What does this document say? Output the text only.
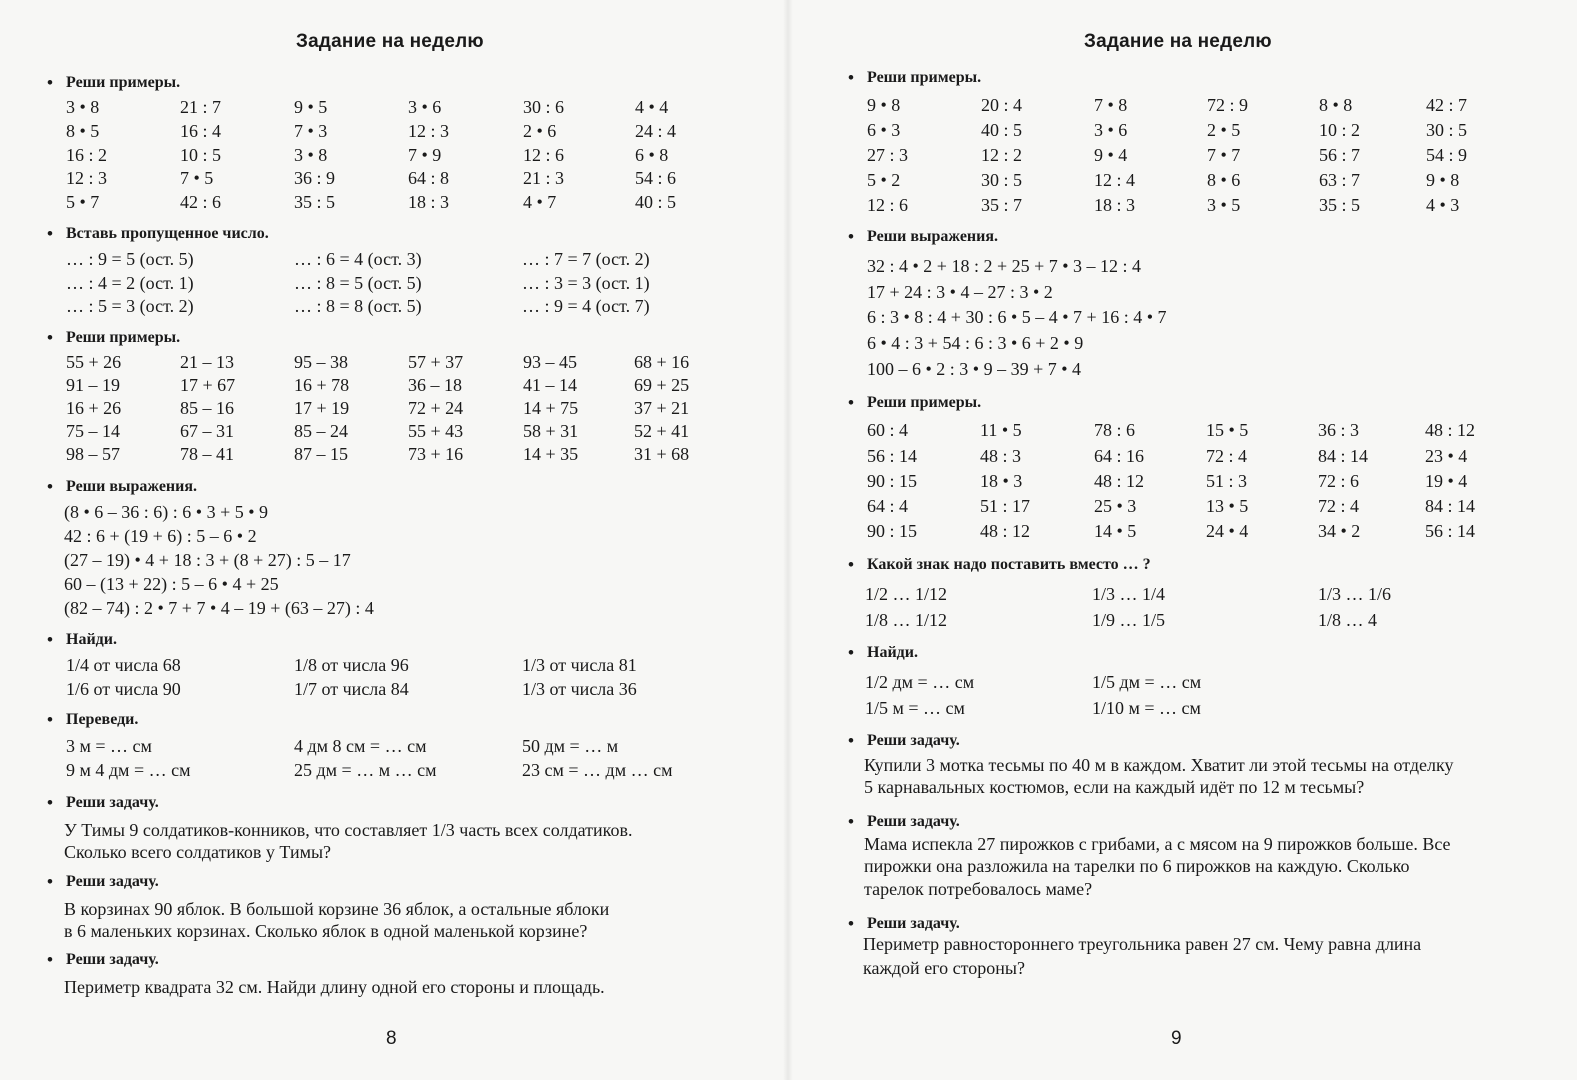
Задание на неделю
• Реши примеры.
3 • 8	21 : 7	9 • 5	3 • 6	30 : 6	4 • 4
8 • 5	16 : 4	7 • 3	12 : 3	2 • 6	24 : 4
16 : 2	10 : 5	3 • 8	7 • 9	12 : 6	6 • 8
12 : 3	7 • 5	36 : 9	64 : 8	21 : 3	54 : 6
5 • 7	42 : 6	35 : 5	18 : 3	4 • 7	40 : 5
• Вставь пропущенное число.
… : 9 = 5 (ост. 5)	… : 6 = 4 (ост. 3)	… : 7 = 7 (ост. 2)
… : 4 = 2 (ост. 1)	… : 8 = 5 (ост. 5)	… : 3 = 3 (ост. 1)
… : 5 = 3 (ост. 2)	… : 8 = 8 (ост. 5)	… : 9 = 4 (ост. 7)
• Реши примеры.
55 + 26	21 – 13	95 – 38	57 + 37	93 – 45	68 + 16
91 – 19	17 + 67	16 + 78	36 – 18	41 – 14	69 + 25
16 + 26	85 – 16	17 + 19	72 + 24	14 + 75	37 + 21
75 – 14	67 – 31	85 – 24	55 + 43	58 + 31	52 + 41
98 – 57	78 – 41	87 – 15	73 + 16	14 + 35	31 + 68
• Реши выражения.
(8 • 6 – 36 : 6) : 6 • 3 + 5 • 9
42 : 6 + (19 + 6) : 5 – 6 • 2
(27 – 19) • 4 + 18 : 3 + (8 + 27) : 5 – 17
60 – (13 + 22) : 5 – 6 • 4 + 25
(82 – 74) : 2 • 7 + 7 • 4 – 19 + (63 – 27) : 4
• Найди.
1/4 от числа 68	1/8 от числа 96	1/3 от числа 81
1/6 от числа 90	1/7 от числа 84	1/3 от числа 36
• Переведи.
3 м = … см	4 дм 8 см = … см	50 дм = … м
9 м 4 дм = … см	25 дм = … м … см	23 см = … дм … см
• Реши задачу.
У Тимы 9 солдатиков-конников, что составляет 1/3 часть всех солдатиков.
Сколько всего солдатиков у Тимы?
• Реши задачу.
В корзинах 90 яблок. В большой корзине 36 яблок, а остальные яблоки
в 6 маленьких корзинах. Сколько яблок в одной маленькой корзине?
• Реши задачу.
Периметр квадрата 32 см. Найди длину одной его стороны и площадь.
8
Задание на неделю
• Реши примеры.
9 • 8	20 : 4	7 • 8	72 : 9	8 • 8	42 : 7
6 • 3	40 : 5	3 • 6	2 • 5	10 : 2	30 : 5
27 : 3	12 : 2	9 • 4	7 • 7	56 : 7	54 : 9
5 • 2	30 : 5	12 : 4	8 • 6	63 : 7	9 • 8
12 : 6	35 : 7	18 : 3	3 • 5	35 : 5	4 • 3
• Реши выражения.
32 : 4 • 2 + 18 : 2 + 25 + 7 • 3 – 12 : 4
17 + 24 : 3 • 4 – 27 : 3 • 2
6 : 3 • 8 : 4 + 30 : 6 • 5 – 4 • 7 + 16 : 4 • 7
6 • 4 : 3 + 54 : 6 : 3 • 6 + 2 • 9
100 – 6 • 2 : 3 • 9 – 39 + 7 • 4
• Реши примеры.
60 : 4	11 • 5	78 : 6	15 • 5	36 : 3	48 : 12
56 : 14	48 : 3	64 : 16	72 : 4	84 : 14	23 • 4
90 : 15	18 • 3	48 : 12	51 : 3	72 : 6	19 • 4
64 : 4	51 : 17	25 • 3	13 • 5	72 : 4	84 : 14
90 : 15	48 : 12	14 • 5	24 • 4	34 • 2	56 : 14
• Какой знак надо поставить вместо … ?
1/2 … 1/12	1/3 … 1/4	1/3 … 1/6
1/8 … 1/12	1/9 … 1/5	1/8 … 4
• Найди.
1/2 дм = … см	1/5 дм = … см
1/5 м = … см	1/10 м = … см
• Реши задачу.
Купили 3 мотка тесьмы по 40 м в каждом. Хватит ли этой тесьмы на отделку
5 карнавальных костюмов, если на каждый идёт по 12 м тесьмы?
• Реши задачу.
Мама испекла 27 пирожков с грибами, а с мясом на 9 пирожков больше. Все
пирожки она разложила на тарелки по 6 пирожков на каждую. Сколько
тарелок потребовалось маме?
• Реши задачу.
Периметр равностороннего треугольника равен 27 см. Чему равна длина
каждой его стороны?
9
